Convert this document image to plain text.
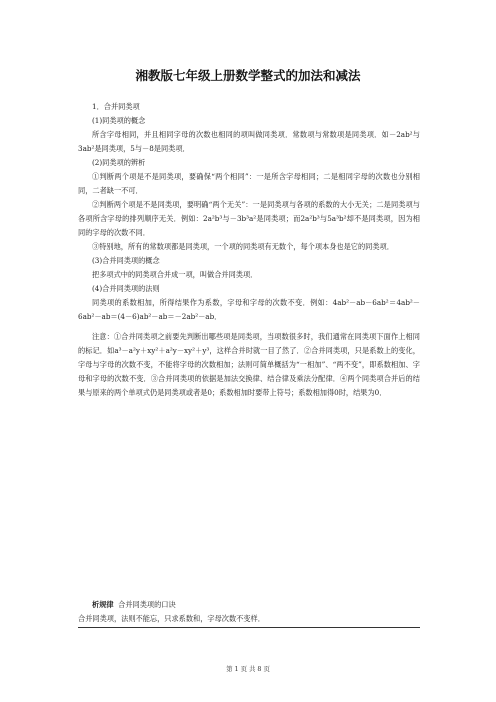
湘教版七年级上册数学整式的加法和减法

1．合并同类项

(1)同类项的概念

所含字母相同，并且相同字母的次数也相同的项叫做同类项．常数项与常数项是同类项．如－2ab²与3ab²是同类项，5与－8是同类项．

(2)同类项的辨析

①判断两个项是不是同类项，要确保“两个相同”：一是所含字母相同；二是相同字母的次数也分别相同，二者缺一不可．

②判断两个项是不是同类项，要明确“两个无关”：一是同类项与各项的系数的大小无关；二是同类项与各项所含字母的排列顺序无关．例如：2a²b³与－3b³a²是同类项；而2a²b³与5a³b²却不是同类项，因为相同的字母的次数不同．

③特别地，所有的常数项都是同类项，一个项的同类项有无数个，每个项本身也是它的同类项．

(3)合并同类项的概念

把多项式中的同类项合并成一项，叫做合并同类项．

(4)合并同类项的法则

同类项的系数相加，所得结果作为系数，字母和字母的次数不变．例如：4ab²－ab－6ab²＝4ab²－6ab²－ab＝(4－6)ab²－ab＝－2ab²－ab．

注意：①合并同类项之前要先判断出哪些项是同类项，当项数很多时，我们通常在同类项下面作上相同的标记．如a³－a²y＋xy²＋a²y－xy²＋y³，这样合并时就一目了然了．②合并同类项，只是系数上的变化，字母与字母的次数不变，不能将字母的次数相加；法则可简单概括为“一相加”、“两不变”，即系数相加、字母和字母的次数不变．③合并同类项的依据是加法交换律、结合律及乘法分配律．④两个同类项合并后的结果与原来的两个单项式仍是同类项或者是0；系数相加时要带上符号；系数相加得0时，结果为0．

析规律 合并同类项的口诀
合并同类项，法则不能忘，只求系数和，字母次数不变样．
第 1 页 共 8 页
